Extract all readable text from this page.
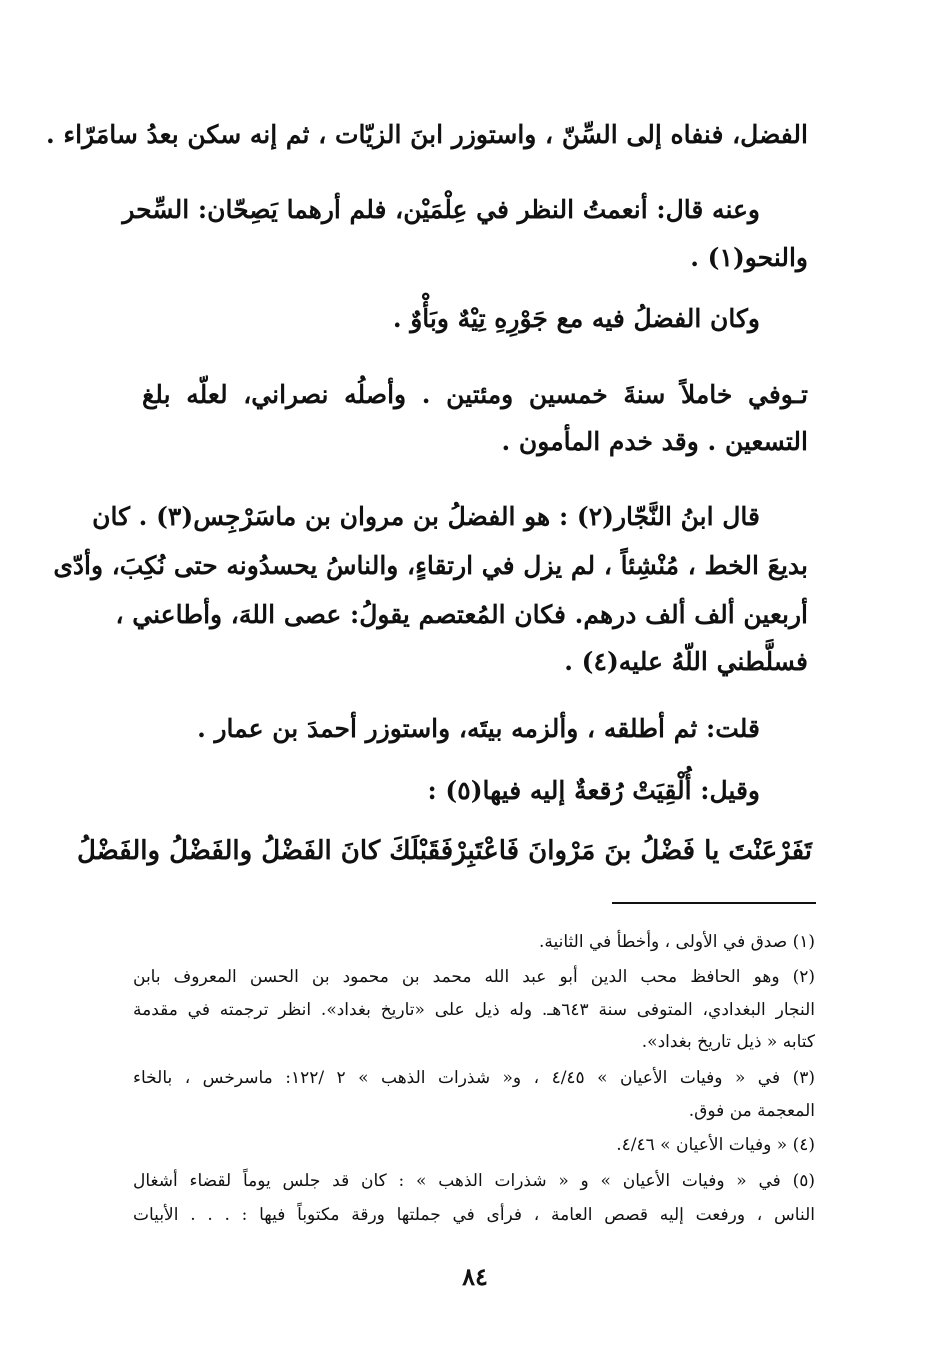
الفضل، فنفاه إلى السِّنّ ، واستوزر ابنَ الزيّات ، ثم إنه سكن بعدُ سامَرّاء .
وعنه قال: أنعمتُ النظر في عِلْمَيْن، فلم أرهما يَصِحّان: السِّحر
والنحو(١) .
وكان الفضلُ فيه مع جَوْرِهِ تِيْهٌ وبَأْوٌ .
تـوفي خاملاً سنةَ خمسين ومئتين . وأصلُه نصراني، لعلّه بلغ
التسعين . وقد خدم المأمون .
قال ابنُ النَّجّار(٢) : هو الفضلُ بن مروان بن ماسَرْجِس(٣) . كان
بديعَ الخط ، مُنْشِئاً ، لم يزل في ارتقاءٍ، والناسُ يحسدُونه حتى نُكِبَ، وأدّى
أربعين ألف ألف درهم. فكان المُعتصم يقولُ: عصى اللهَ، وأطاعني ،
فسلَّطني اللّهُ عليه(٤) .
قلت: ثم أطلقه ، وألزمه بيتَه، واستوزر أحمدَ بن عمار .
وقيل: أُلْقِيَتْ رُقعةٌ إليه فيها(٥) :
تَفَرْعَنْتَ يا فَضْلُ بنَ مَرْوانَ فَاعْتَبِرْ
فَقَبْلَكَ كانَ الفَضْلُ والفَضْلُ والفَضْلُ
(١) صدق في الأولى ، وأخطأ في الثانية.
(٢) وهو الحافظ محب الدين أبو عبد الله محمد بن محمود بن الحسن المعروف بابن
النجار البغدادي، المتوفى سنة ٦٤٣هـ. وله ذيل على «تاريخ بغداد». انظر ترجمته في مقدمة
كتابه « ذيل تاريخ بغداد».
(٣) في « وفيات الأعيان » ٤/٤٥ ، و« شذرات الذهب » ٢ /١٢٢: ماسرخس ، بالخاء
المعجمة من فوق.
(٤) « وفيات الأعيان » ٤/٤٦.
(٥) في « وفيات الأعيان » و « شذرات الذهب » : كان قد جلس يوماً لقضاء أشغال
الناس ، ورفعت إليه قصص العامة ، فرأى في جملتها ورقة مكتوباً فيها : . . . الأبيات
٨٤
